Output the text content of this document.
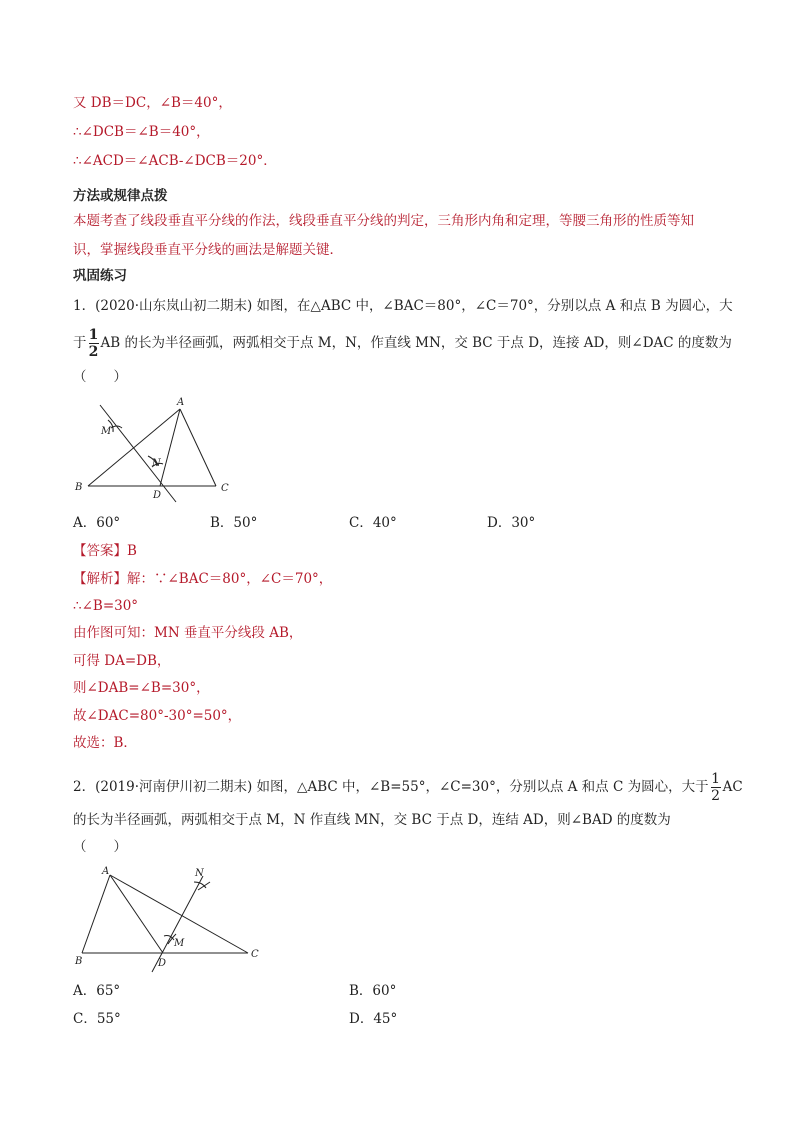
又 DB＝DC，∠B＝40°，
∴∠DCB＝∠B＝40°，
∴∠ACD＝∠ACB-∠DCB＝20°．
方法或规律点拨
本题考查了线段垂直平分线的作法，线段垂直平分线的判定，三角形内角和定理，等腰三角形的性质等知
识，掌握线段垂直平分线的画法是解题关键．
巩固练习
1．(2020·山东岚山初二期末) 如图，在△ABC 中，∠BAC＝80°，∠C＝70°，分别以点 A 和点 B 为圆心，大
于 $\frac{1}{2}$ AB 的长为半径画弧，两弧相交于点 M，N，作直线 MN，交 BC 于点 D，连接 AD，则∠DAC 的度数为
（　　）
A
B	C
D
M
N
A．60°	B．50°	C．40°	D．30°
【答案】B
【解析】解：∵∠BAC＝80°，∠C＝70°，
∴∠B=30°
由作图可知：MN 垂直平分线段 AB，
可得 DA=DB，
则∠DAB=∠B=30°，
故∠DAC=80°-30°=50°，
故选：B．
2．(2019·河南伊川初二期末) 如图，△ABC 中，∠B=55°，∠C=30°，分别以点 A 和点 C 为圆心，大于 $\frac{1}{2}$ AC
的长为半径画弧，两弧相交于点 M，N 作直线 MN，交 BC 于点 D，连结 AD，则∠BAD 的度数为
（　　）
A
B
C
D
M
N
A．65°	B．60°
C．55°	D．45°
